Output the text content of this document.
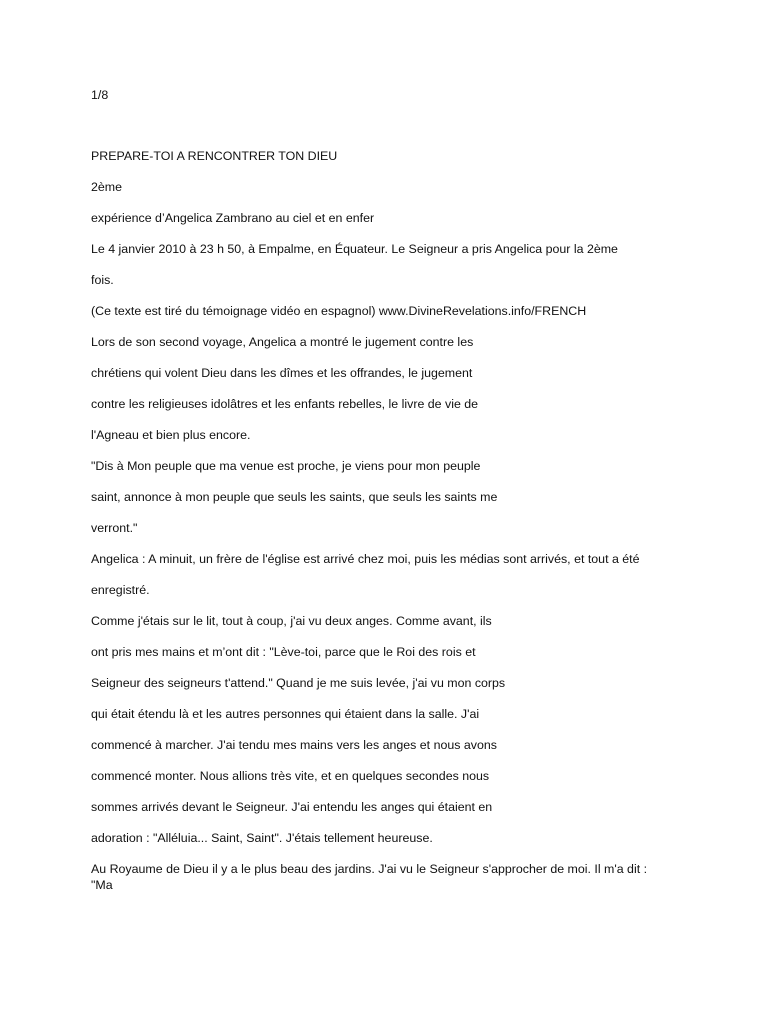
1/8

PREPARE-TOI A RENCONTRER TON DIEU

2ème

expérience d’Angelica Zambrano au ciel et en enfer

Le 4 janvier 2010 à 23 h 50, à Empalme, en Équateur. Le Seigneur a pris Angelica pour la 2ème

fois.

(Ce texte est tiré du témoignage vidéo en espagnol) www.DivineRevelations.info/FRENCH

Lors de son second voyage, Angelica a montré le jugement contre les

chrétiens qui volent Dieu dans les dîmes et les offrandes, le jugement

contre les religieuses idolâtres et les enfants rebelles, le livre de vie de

l'Agneau et bien plus encore.

"Dis à Mon peuple que ma venue est proche, je viens pour mon peuple

saint, annonce à mon peuple que seuls les saints, que seuls les saints me

verront."

Angelica : A minuit, un frère de l'église est arrivé chez moi, puis les médias sont arrivés, et tout a été

enregistré.

Comme j'étais sur le lit, tout à coup, j'ai vu deux anges. Comme avant, ils

ont pris mes mains et m’ont dit : "Lève-toi, parce que le Roi des rois et

Seigneur des seigneurs t'attend." Quand je me suis levée, j'ai vu mon corps

qui était étendu là et les autres personnes qui étaient dans la salle. J'ai

commencé à marcher. J'ai tendu mes mains vers les anges et nous avons

commencé monter. Nous allions très vite, et en quelques secondes nous

sommes arrivés devant le Seigneur. J'ai entendu les anges qui étaient en

adoration : "Alléluia... Saint, Saint". J'étais tellement heureuse.

Au Royaume de Dieu il y a le plus beau des jardins. J'ai vu le Seigneur s'approcher de moi. Il m'a dit :

"Ma
